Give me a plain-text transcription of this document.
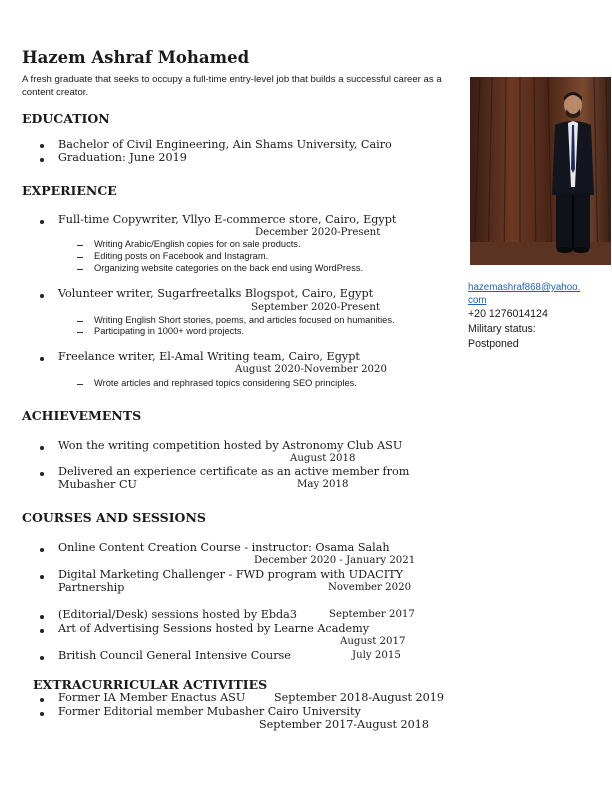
Hazem Ashraf Mohamed
A fresh graduate that seeks to occupy a full-time entry-level job that builds a successful career as a content creator.
hazemashraf868@yahoo.
com
+20 1276014124
Military status:
Postponed
EDUCATION
Bachelor of Civil Engineering, Ain Shams University, Cairo
Graduation: June 2019
EXPERIENCE
Full-time Copywriter, Vllyo E-commerce store, Cairo, Egypt
December 2020-Present
Writing Arabic/English copies for on sale products.
Editing posts on Facebook and Instagram.
Organizing website categories on the back end using WordPress.
Volunteer writer, Sugarfreetalks Blogspot, Cairo, Egypt
September 2020-Present
Writing English Short stories, poems, and articles focused on humanities.
Participating in 1000+ word projects.
Freelance writer, El-Amal Writing team, Cairo, Egypt
August 2020-November 2020
Wrote articles and rephrased topics considering SEO principles.
ACHIEVEMENTS
Won the writing competition hosted by Astronomy Club ASU
August 2018
Delivered an experience certificate as an active member from
Mubasher CU	May 2018
COURSES AND SESSIONS
Online Content Creation Course - instructor: Osama Salah
December 2020 - January 2021
Digital Marketing Challenger - FWD program with UDACITY
Partnership	November 2020
(Editorial/Desk) sessions hosted by Ebda3	September 2017
Art of Advertising Sessions hosted by Learne Academy
August 2017
British Council General Intensive Course	July 2015
EXTRACURRICULAR ACTIVITIES
Former IA Member Enactus ASU	September 2018-August 2019
Former Editorial member Mubasher Cairo University
September 2017-August 2018
